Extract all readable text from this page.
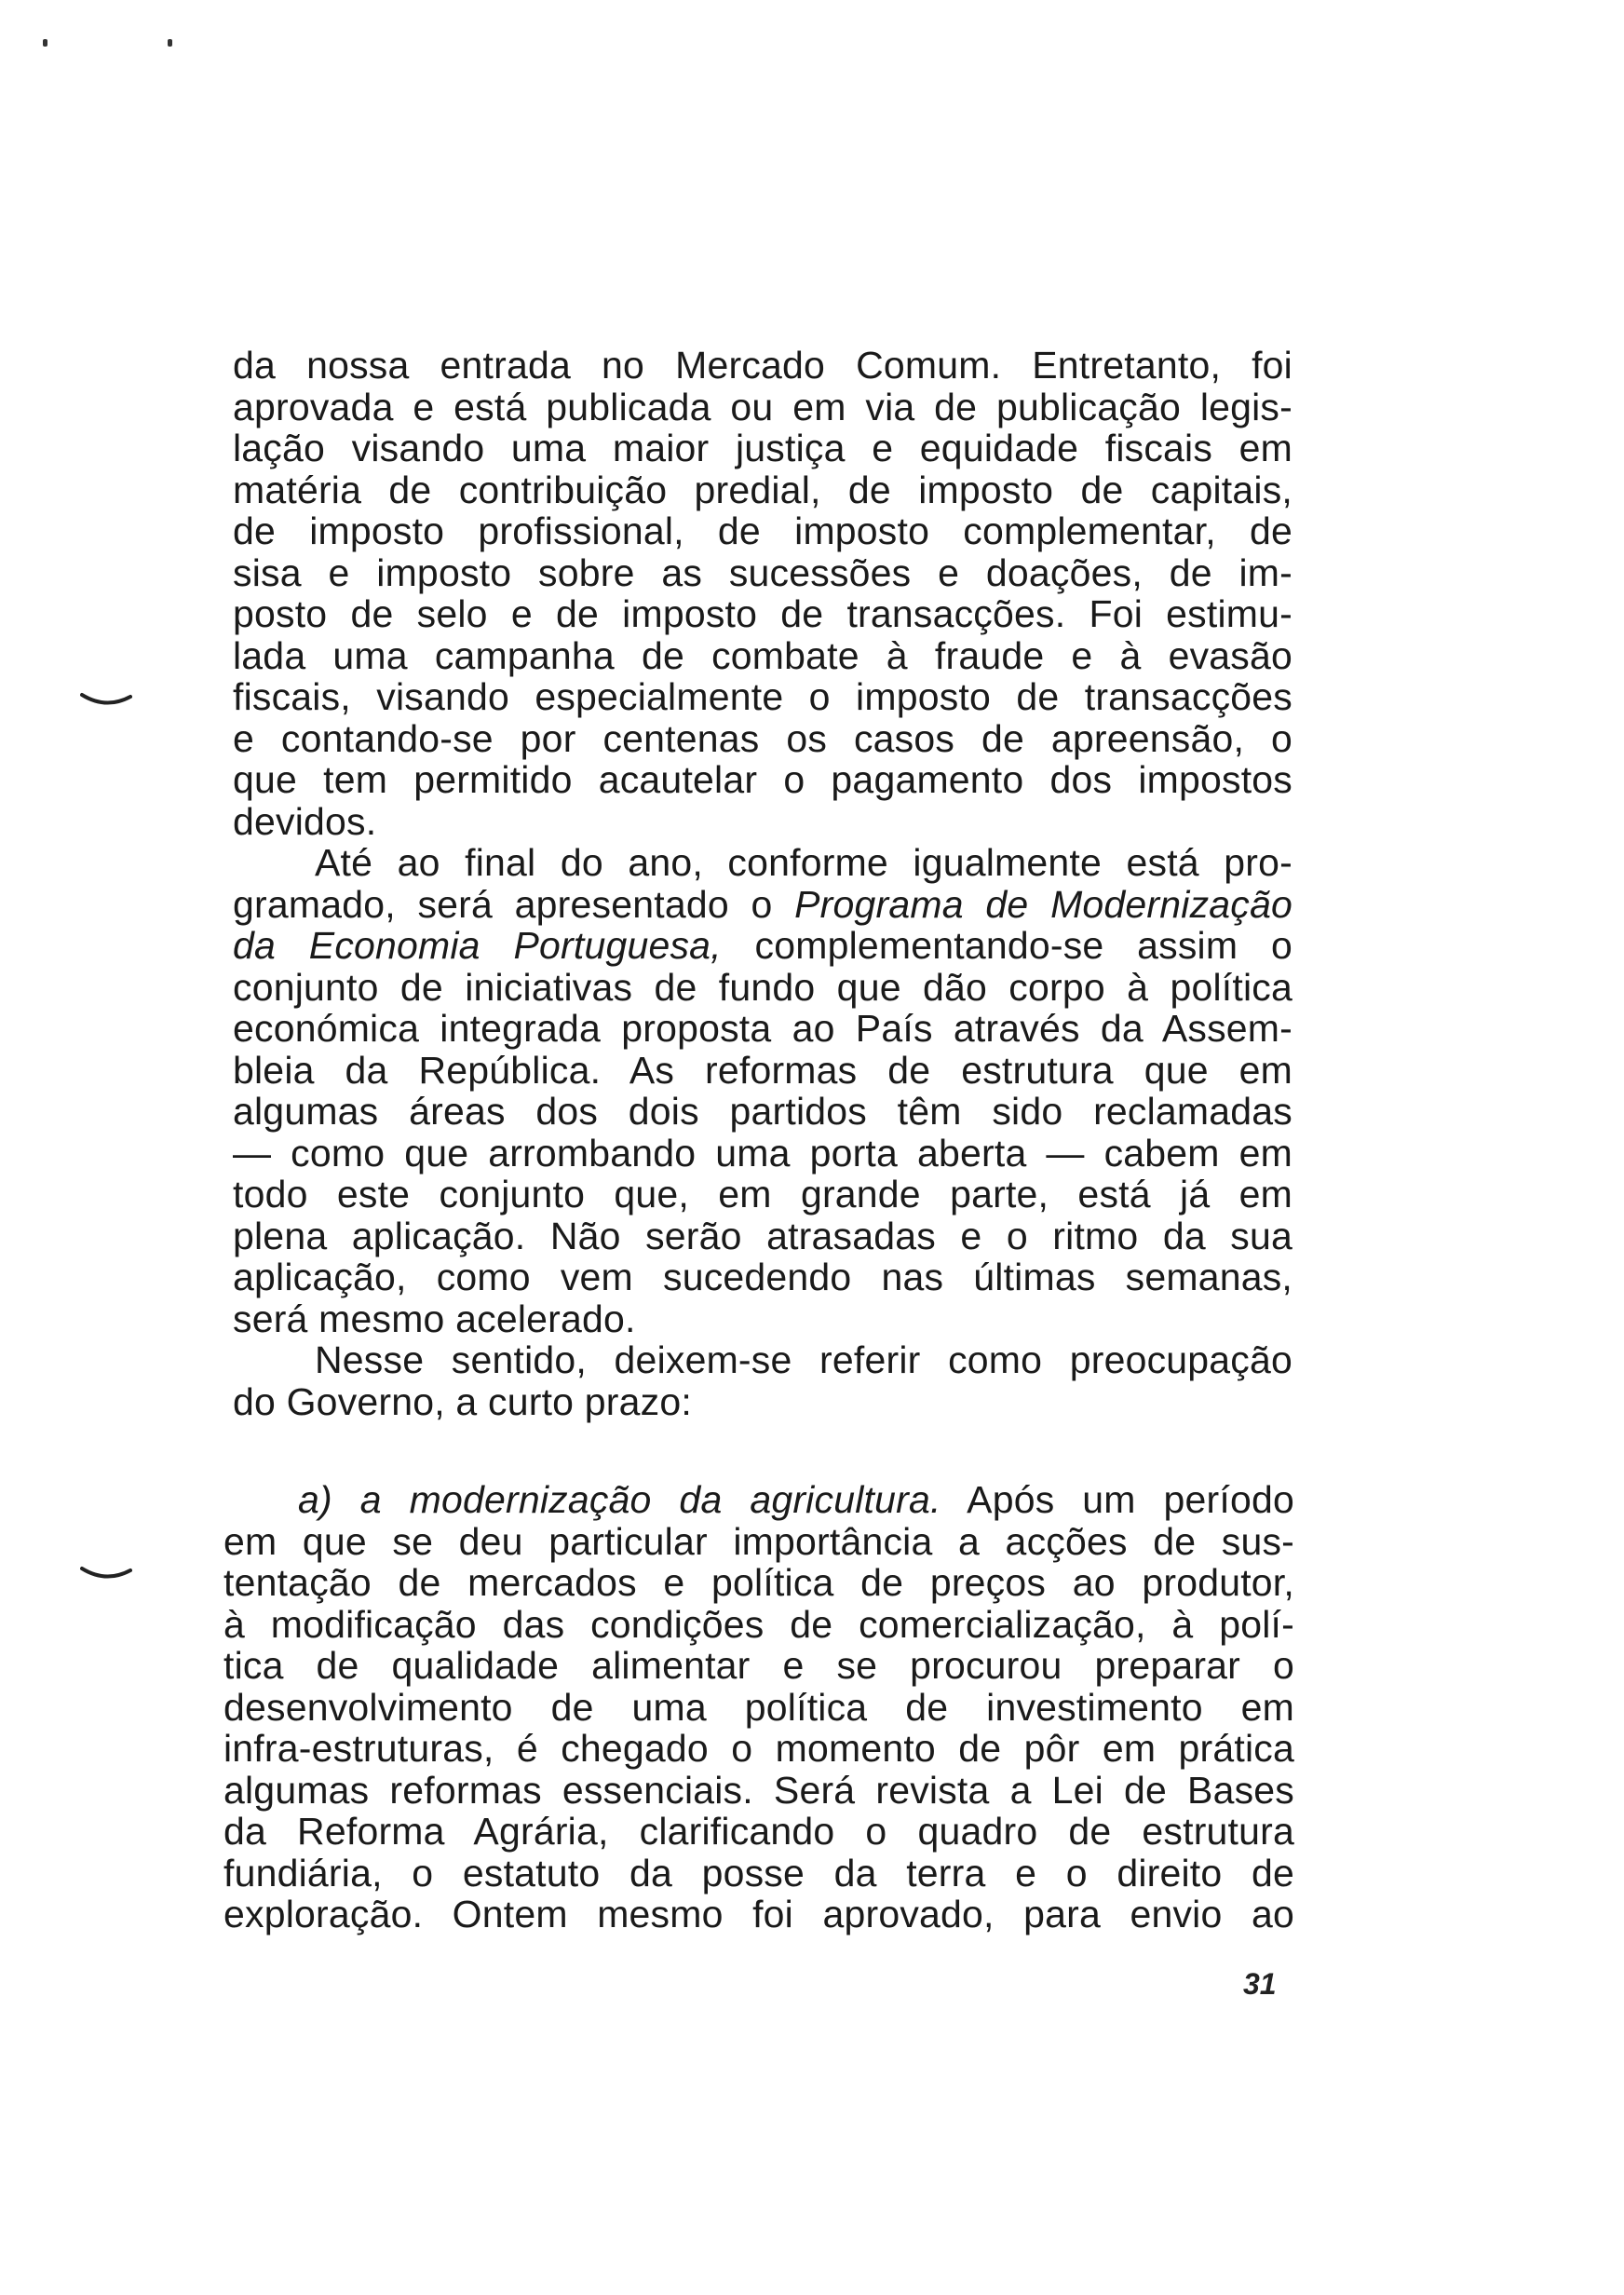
da nossa entrada no Mercado Comum. Entretanto, foi
aprovada e está publicada ou em via de publicação legis-
lação visando uma maior justiça e equidade fiscais em
matéria de contribuição predial, de imposto de capitais,
de imposto profissional, de imposto complementar, de
sisa e imposto sobre as sucessões e doações, de im-
posto de selo e de imposto de transacções. Foi estimu-
lada uma campanha de combate à fraude e à evasão
fiscais, visando especialmente o imposto de transacções
e contando-se por centenas os casos de apreensão, o
que tem permitido acautelar o pagamento dos impostos
devidos.
Até ao final do ano, conforme igualmente está pro-
gramado, será apresentado o Programa de Modernização
da Economia Portuguesa, complementando-se assim o
conjunto de iniciativas de fundo que dão corpo à política
económica integrada proposta ao País através da Assem-
bleia da República. As reformas de estrutura que em
algumas áreas dos dois partidos têm sido reclamadas
— como que arrombando uma porta aberta — cabem em
todo este conjunto que, em grande parte, está já em
plena aplicação. Não serão atrasadas e o ritmo da sua
aplicação, como vem sucedendo nas últimas semanas,
será mesmo acelerado.
Nesse sentido, deixem-se referir como preocupação
do Governo, a curto prazo:
a) a modernização da agricultura. Após um período
em que se deu particular importância a acções de sus-
tentação de mercados e política de preços ao produtor,
à modificação das condições de comercialização, à polí-
tica de qualidade alimentar e se procurou preparar o
desenvolvimento de uma política de investimento em
infra-estruturas, é chegado o momento de pôr em prática
algumas reformas essenciais. Será revista a Lei de Bases
da Reforma Agrária, clarificando o quadro de estrutura
fundiária, o estatuto da posse da terra e o direito de
exploração. Ontem mesmo foi aprovado, para envio ao
31
